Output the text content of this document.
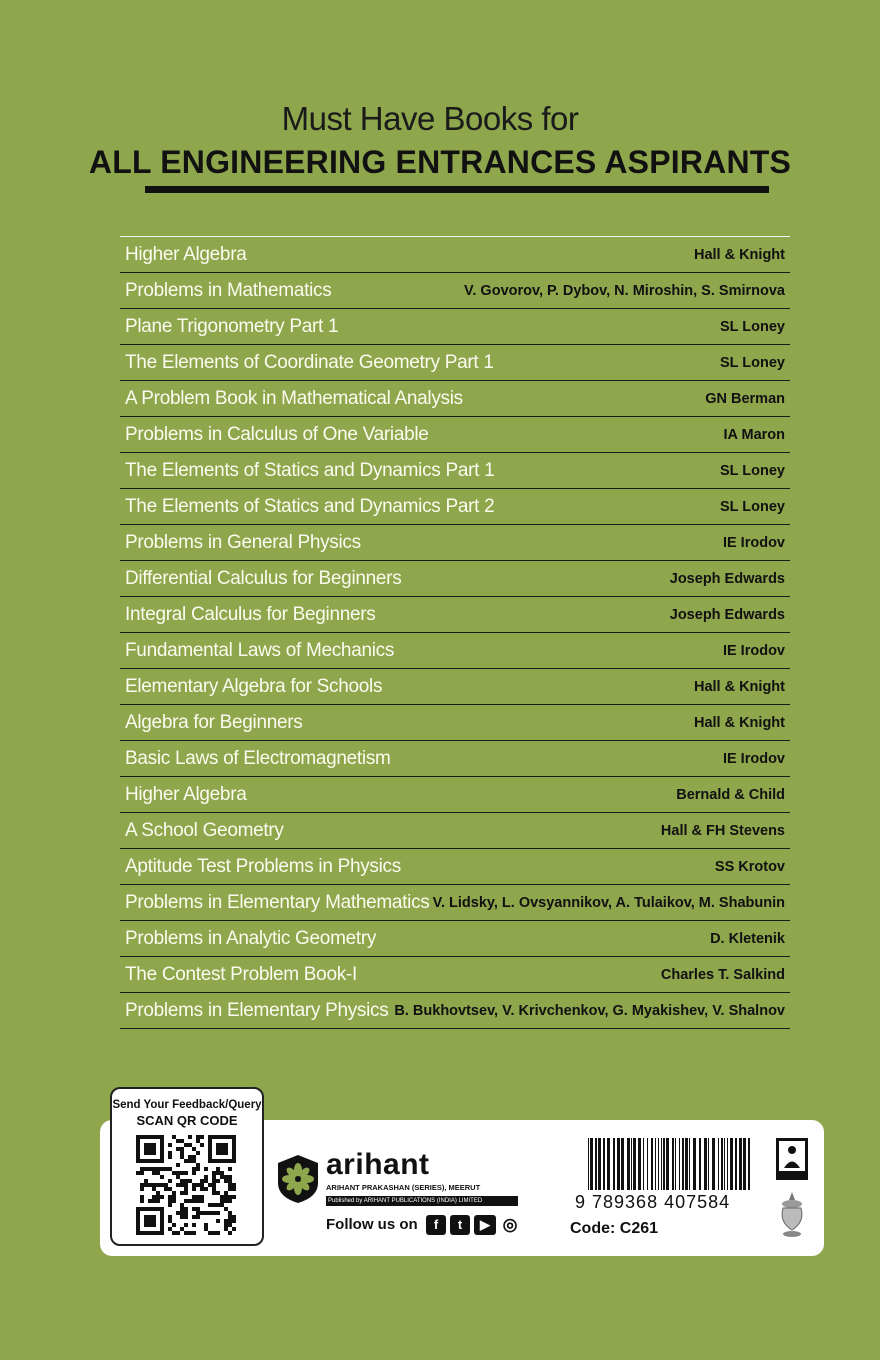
Must Have Books for
ALL ENGINEERING ENTRANCES ASPIRANTS
Higher Algebra	Hall & Knight
Problems in Mathematics	V. Govorov, P. Dybov, N. Miroshin, S. Smirnova
Plane Trigonometry Part 1	SL Loney
The Elements of Coordinate Geometry Part 1	SL Loney
A Problem Book in Mathematical Analysis	GN Berman
Problems in Calculus of One Variable	IA Maron
The Elements of Statics and Dynamics Part 1	SL Loney
The Elements of Statics and Dynamics Part 2	SL Loney
Problems in General Physics	IE Irodov
Differential Calculus for Beginners	Joseph Edwards
Integral Calculus for Beginners	Joseph Edwards
Fundamental Laws of Mechanics	IE Irodov
Elementary Algebra for Schools	Hall & Knight
Algebra for Beginners	Hall & Knight
Basic Laws of Electromagnetism	IE Irodov
Higher Algebra	Bernald & Child
A School Geometry	Hall & FH Stevens
Aptitude Test Problems in Physics	SS Krotov
Problems in Elementary Mathematics V. Lidsky, L. Ovsyannikov, A. Tulaikov, M. Shabunin
Problems in Analytic Geometry	D. Kletenik
The Contest Problem Book-I	Charles T. Salkind
Problems in Elementary Physics B. Bukhovtsev, V. Krivchenkov, G. Myakishev, V. Shalnov
Send Your Feedback/Query
SCAN QR CODE
arihant
ARIHANT PRAKASHAN (SERIES), MEERUT
Published by ARIHANT PUBLICATIONS (INDIA) LIMITED
Follow us on	f	t	▶ ◎
9 789368 407584
Code: C261
